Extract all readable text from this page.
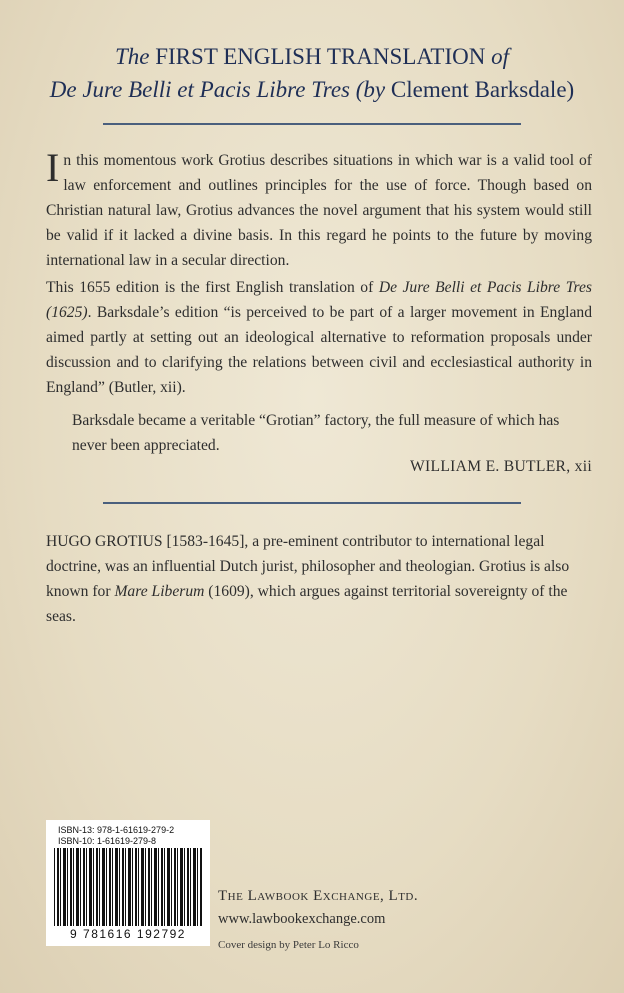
The FIRST ENGLISH TRANSLATION of
De Jure Belli et Pacis Libre Tres (by Clement Barksdale)
In this momentous work Grotius describes situations in which war is a valid tool of law enforcement and outlines principles for the use of force. Though based on Christian natural law, Grotius advances the novel argument that his system would still be valid if it lacked a divine basis. In this regard he points to the future by moving international law in a secular direction.
This 1655 edition is the first English translation of De Jure Belli et Pacis Libre Tres (1625). Barksdale’s edition “is perceived to be part of a larger movement in England aimed partly at setting out an ideological alternative to reformation proposals under discussion and to clarifying the relations between civil and ecclesiastical authority in England” (Butler, xii).
Barksdale became a veritable “Grotian” factory, the full measure of which has never been appreciated.
WILLIAM E. BUTLER, xii
HUGO GROTIUS [1583-1645], a pre-eminent contributor to international legal doctrine, was an influential Dutch jurist, philosopher and theologian. Grotius is also known for Mare Liberum (1609), which argues against territorial sovereignty of the seas.
ISBN-13: 978-1-61619-279-2
ISBN-10: 1-61619-279-8
9 781616 192792
The Lawbook Exchange, Ltd.
www.lawbookexchange.com
Cover design by Peter Lo Ricco
